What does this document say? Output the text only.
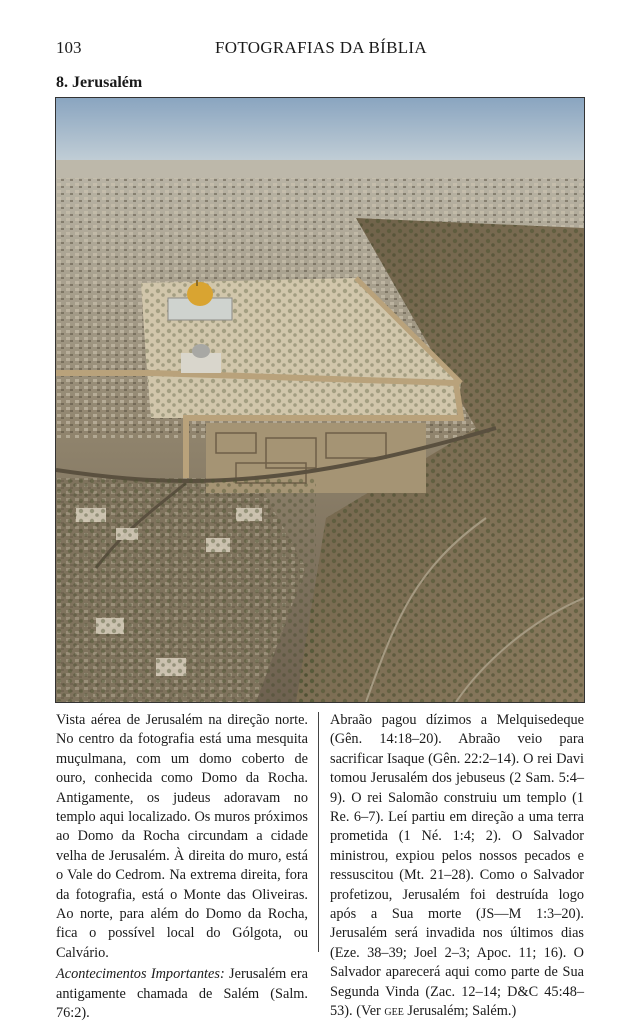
103	FOTOGRAFIAS DA BÍBLIA
8. Jerusalém

Vista aérea de Jerusalém na direção norte. No centro da fotografia está uma mesquita muçulmana, com um domo coberto de ouro, conhecida como Domo da Rocha. Antigamente, os judeus adoravam no templo aqui localizado. Os muros próximos ao Domo da Rocha circundam a cidade velha de Jerusalém. À direita do muro, está o Vale do Cedrom. Na extrema direita, fora da fotografia, está o Monte das Oliveiras. Ao norte, para além do Domo da Rocha, fica o possível local do Gólgota, ou Calvário.

Acontecimentos Importantes: Jerusalém era antigamente chamada de Salém (Salm. 76:2).

Abraão pagou dízimos a Melquisedeque (Gên. 14:18–20). Abraão veio para sacrificar Isaque (Gên. 22:2–14). O rei Davi tomou Jerusalém dos jebuseus (2 Sam. 5:4–9). O rei Salomão construiu um templo (1 Re. 6–7). Leí partiu em direção a uma terra prometida (1 Né. 1:4; 2). O Salvador ministrou, expiou pelos nossos pecados e ressuscitou (Mt. 21–28). Como o Salvador profetizou, Jerusalém foi destruída logo após a Sua morte (JS—M 1:3–20). Jerusalém será invadida nos últimos dias (Eze. 38–39; Joel 2–3; Apoc. 11; 16). O Salvador aparecerá aqui como parte de Sua Segunda Vinda (Zac. 12–14; D&C 45:48–53). (Ver gee Jerusalém; Salém.)
